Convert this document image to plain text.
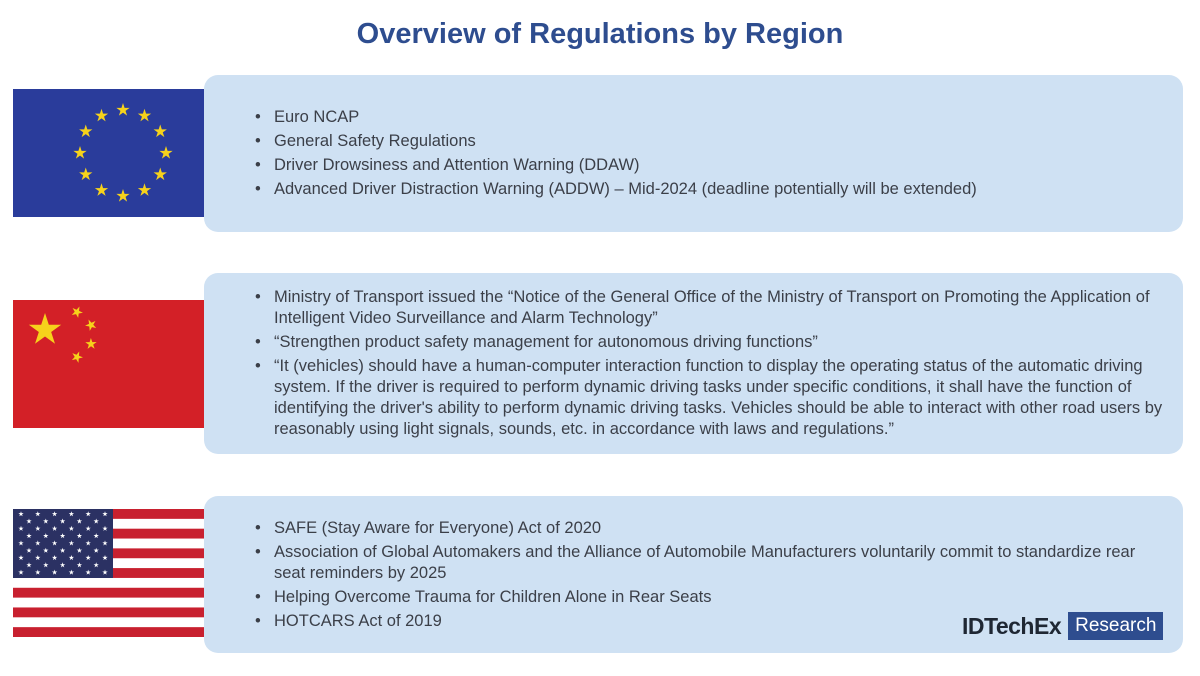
Overview of Regulations by Region
• Euro NCAP
• General Safety Regulations
• Driver Drowsiness and Attention Warning (DDAW)
• Advanced Driver Distraction Warning (ADDW) – Mid-2024 (deadline potentially will be extended)
• Ministry of Transport issued the “Notice of the General Office of the Ministry of Transport on Promoting the Application of Intelligent Video Surveillance and Alarm Technology”
• “Strengthen product safety management for autonomous driving functions”
• “It (vehicles) should have a human-computer interaction function to display the operating status of the automatic driving system. If the driver is required to perform dynamic driving tasks under specific conditions, it shall have the function of identifying the driver's ability to perform dynamic driving tasks. Vehicles should be able to interact with other road users by reasonably using light signals, sounds, etc. in accordance with laws and regulations.”
• SAFE (Stay Aware for Everyone) Act of 2020
• Association of Global Automakers and the Alliance of Automobile Manufacturers voluntarily commit to standardize rear seat reminders by 2025
• Helping Overcome Trauma for Children Alone in Rear Seats
• HOTCARS Act of 2019	IDTechEx Research
